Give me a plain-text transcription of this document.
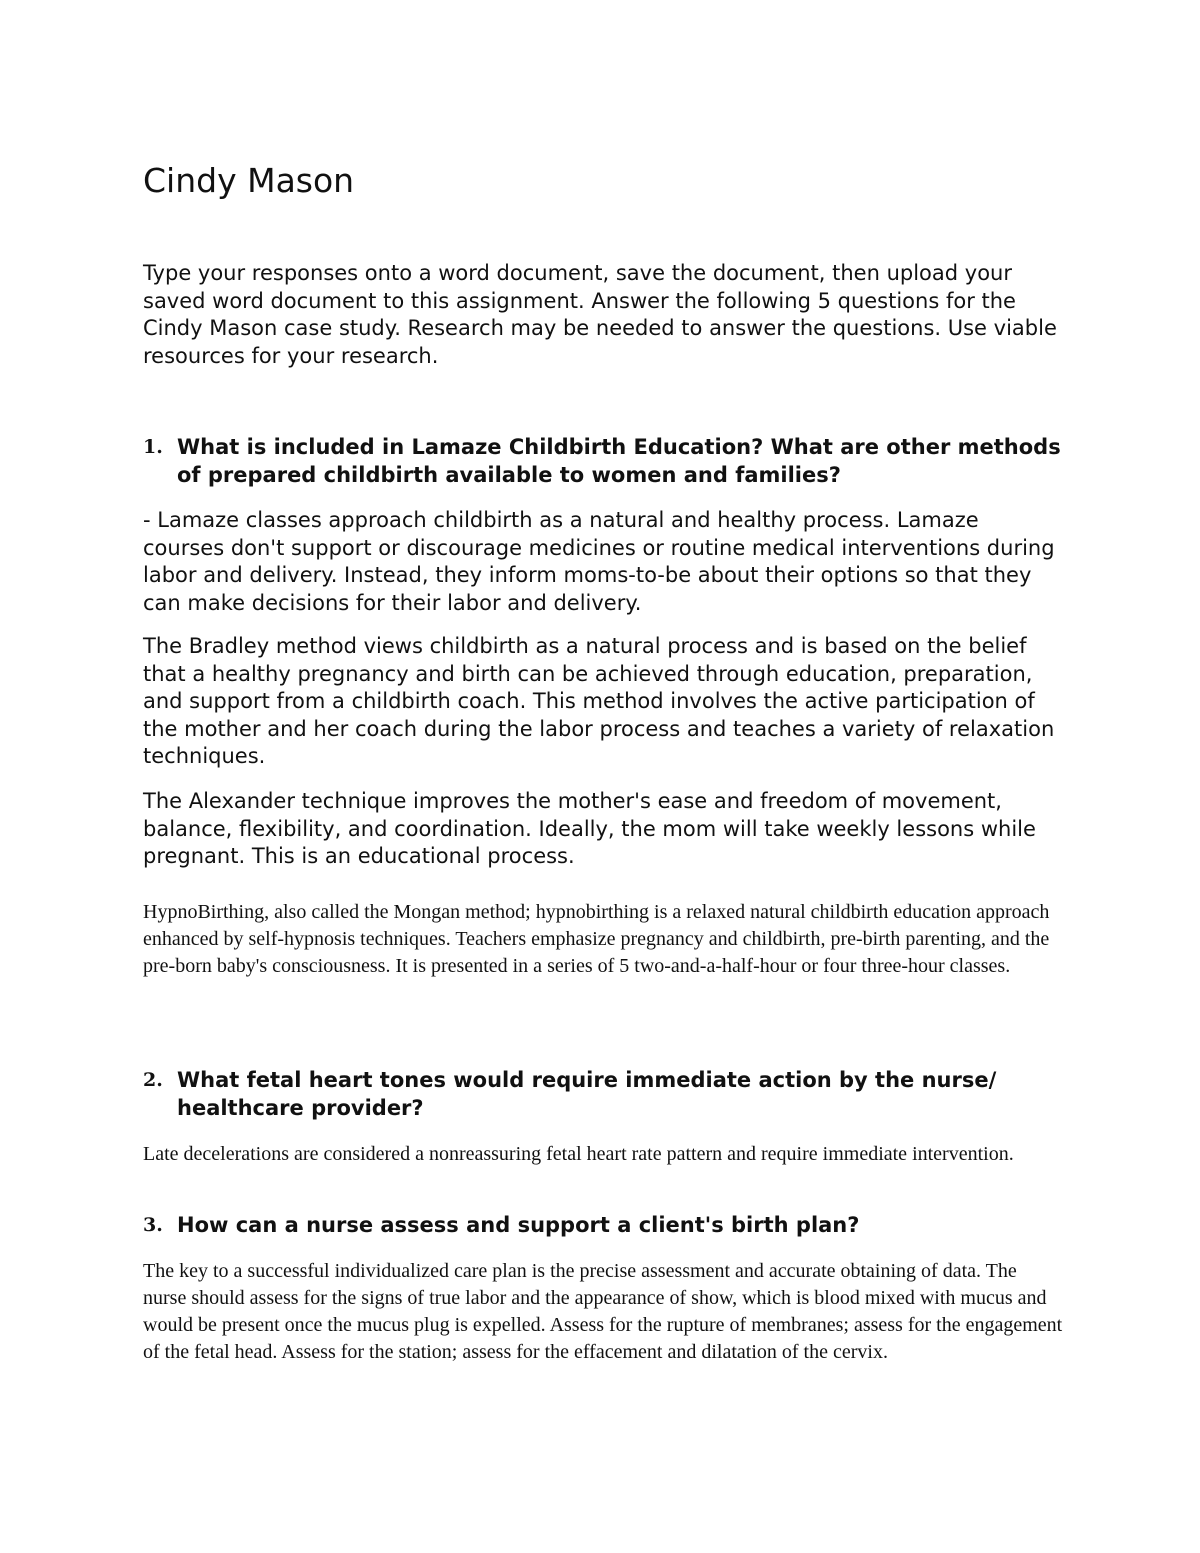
Cindy Mason

Type your responses onto a word document, save the document, then upload your saved word document to this assignment. Answer the following 5 questions for the Cindy Mason case study. Research may be needed to answer the questions. Use viable resources for your research.

1. What is included in Lamaze Childbirth Education? What are other methods of prepared childbirth available to women and families?

- Lamaze classes approach childbirth as a natural and healthy process. Lamaze courses don't support or discourage medicines or routine medical interventions during labor and delivery. Instead, they inform moms-to-be about their options so that they can make decisions for their labor and delivery.

The Bradley method views childbirth as a natural process and is based on the belief that a healthy pregnancy and birth can be achieved through education, preparation, and support from a childbirth coach. This method involves the active participation of the mother and her coach during the labor process and teaches a variety of relaxation techniques.

The Alexander technique improves the mother's ease and freedom of movement, balance, flexibility, and coordination. Ideally, the mom will take weekly lessons while pregnant. This is an educational process.

HypnoBirthing, also called the Mongan method; hypnobirthing is a relaxed natural childbirth education approach enhanced by self-hypnosis techniques. Teachers emphasize pregnancy and childbirth, pre-birth parenting, and the pre-born baby's consciousness. It is presented in a series of 5 two-and-a-half-hour or four three-hour classes.

2. What fetal heart tones would require immediate action by the nurse/ healthcare provider?

Late decelerations are considered a nonreassuring fetal heart rate pattern and require immediate intervention.

3. How can a nurse assess and support a client's birth plan?

The key to a successful individualized care plan is the precise assessment and accurate obtaining of data. The nurse should assess for the signs of true labor and the appearance of show, which is blood mixed with mucus and would be present once the mucus plug is expelled. Assess for the rupture of membranes; assess for the engagement of the fetal head. Assess for the station; assess for the effacement and dilatation of the cervix.
